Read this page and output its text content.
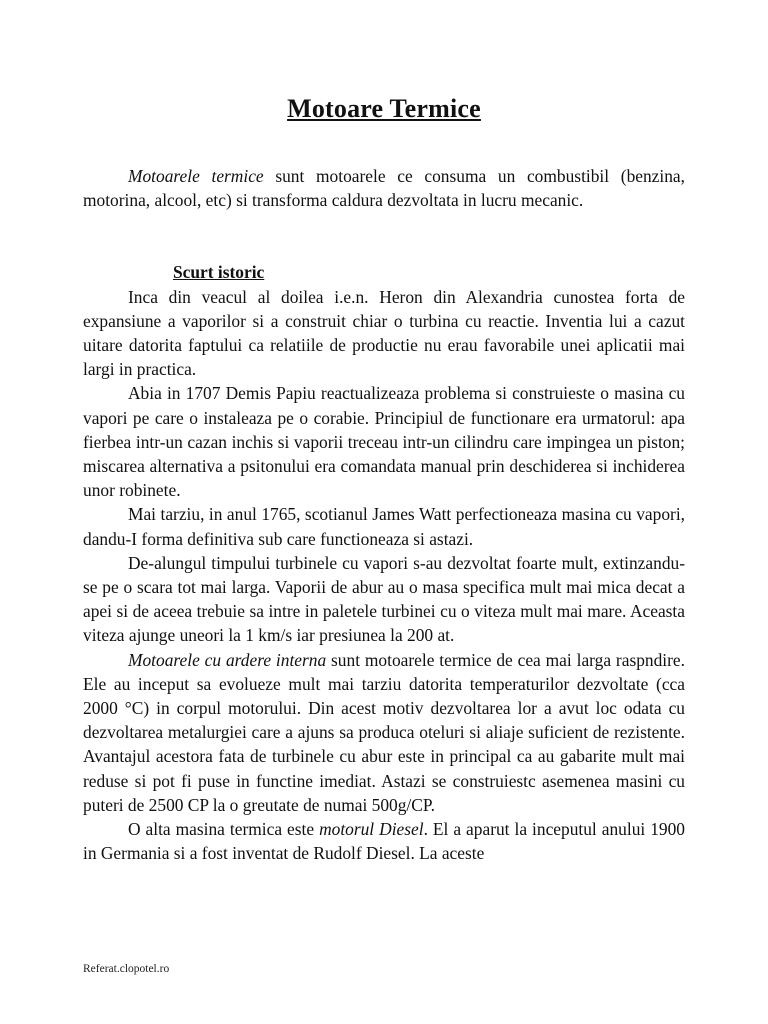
Motoare Termice

Motoarele termice sunt motoarele ce consuma un combustibil (benzina, motorina, alcool, etc) si transforma caldura dezvoltata in lucru mecanic.

Scurt istoric

Inca din veacul al doilea i.e.n. Heron din Alexandria cunostea forta de expansiune a vaporilor si a construit chiar o turbina cu reactie. Inventia lui a cazut uitare datorita faptului ca relatiile de productie nu erau favorabile unei aplicatii mai largi in practica.

Abia in 1707 Demis Papiu reactualizeaza problema si construieste o masina cu vapori pe care o instaleaza pe o corabie. Principiul de functionare era urmatorul: apa fierbea intr-un cazan inchis si vaporii treceau intr-un cilindru care impingea un piston; miscarea alternativa a psitonului era comandata manual prin deschiderea si inchiderea unor robinete.

Mai tarziu, in anul 1765, scotianul James Watt perfectioneaza masina cu vapori, dandu-I forma definitiva sub care functioneaza si astazi.

De-alungul timpului turbinele cu vapori s-au dezvoltat foarte mult, extinzandu-se pe o scara tot mai larga. Vaporii de abur au o masa specifica mult mai mica decat a apei si de aceea trebuie sa intre in paletele turbinei cu o viteza mult mai mare. Aceasta viteza ajunge uneori la 1 km/s iar presiunea la 200 at.

Motoarele cu ardere interna sunt motoarele termice de cea mai larga raspndire. Ele au inceput sa evolueze mult mai tarziu datorita temperaturilor dezvoltate (cca 2000 °C) in corpul motorului. Din acest motiv dezvoltarea lor a avut loc odata cu dezvoltarea metalurgiei care a ajuns sa produca oteluri si aliaje suficient de rezistente. Avantajul acestora fata de turbinele cu abur este in principal ca au gabarite mult mai reduse si pot fi puse in functine imediat. Astazi se construiestc asemenea masini cu puteri de 2500 CP la o greutate de numai 500g/CP.

O alta masina termica este motorul Diesel. El a aparut la inceputul anului 1900 in Germania si a fost inventat de Rudolf Diesel. La aceste

Referat.clopotel.ro
